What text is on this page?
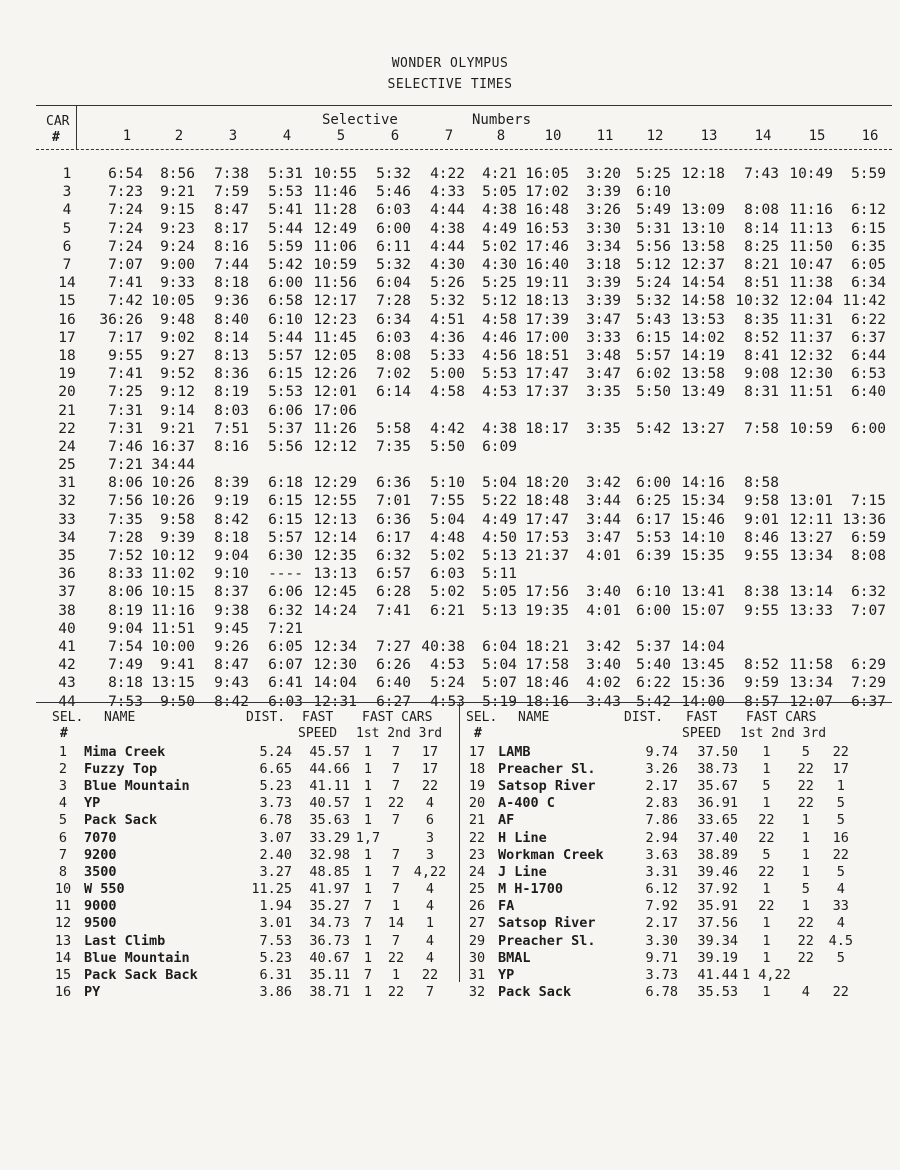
WONDER OLYMPUS
SELECTIVE TIMES
CAR
#
Selective	Numbers
1	2	3	4	5	6	7	8	10	11	12	13	14	15	16
1	6:54	8:56	7:38	5:31	10:55	5:32	4:22	4:21	16:05	3:20	5:25	12:18	7:43	10:49	5:59
3	7:23	9:21	7:59	5:53	11:46	5:46	4:33	5:05	17:02	3:39	6:10				
4	7:24	9:15	8:47	5:41	11:28	6:03	4:44	4:38	16:48	3:26	5:49	13:09	8:08	11:16	6:12
5	7:24	9:23	8:17	5:44	12:49	6:00	4:38	4:49	16:53	3:30	5:31	13:10	8:14	11:13	6:15
6	7:24	9:24	8:16	5:59	11:06	6:11	4:44	5:02	17:46	3:34	5:56	13:58	8:25	11:50	6:35
7	7:07	9:00	7:44	5:42	10:59	5:32	4:30	4:30	16:40	3:18	5:12	12:37	8:21	10:47	6:05
14	7:41	9:33	8:18	6:00	11:56	6:04	5:26	5:25	19:11	3:39	5:24	14:54	8:51	11:38	6:34
15	7:42	10:05	9:36	6:58	12:17	7:28	5:32	5:12	18:13	3:39	5:32	14:58	10:32	12:04	11:42
16	36:26	9:48	8:40	6:10	12:23	6:34	4:51	4:58	17:39	3:47	5:43	13:53	8:35	11:31	6:22
17	7:17	9:02	8:14	5:44	11:45	6:03	4:36	4:46	17:00	3:33	6:15	14:02	8:52	11:37	6:37
18	9:55	9:27	8:13	5:57	12:05	8:08	5:33	4:56	18:51	3:48	5:57	14:19	8:41	12:32	6:44
19	7:41	9:52	8:36	6:15	12:26	7:02	5:00	5:53	17:47	3:47	6:02	13:58	9:08	12:30	6:53
20	7:25	9:12	8:19	5:53	12:01	6:14	4:58	4:53	17:37	3:35	5:50	13:49	8:31	11:51	6:40
21	7:31	9:14	8:03	6:06	17:06										
22	7:31	9:21	7:51	5:37	11:26	5:58	4:42	4:38	18:17	3:35	5:42	13:27	7:58	10:59	6:00
24	7:46	16:37	8:16	5:56	12:12	7:35	5:50	6:09							
25	7:21	34:44													
31	8:06	10:26	8:39	6:18	12:29	6:36	5:10	5:04	18:20	3:42	6:00	14:16	8:58		
32	7:56	10:26	9:19	6:15	12:55	7:01	7:55	5:22	18:48	3:44	6:25	15:34	9:58	13:01	7:15
33	7:35	9:58	8:42	6:15	12:13	6:36	5:04	4:49	17:47	3:44	6:17	15:46	9:01	12:11	13:36
34	7:28	9:39	8:18	5:57	12:14	6:17	4:48	4:50	17:53	3:47	5:53	14:10	8:46	13:27	6:59
35	7:52	10:12	9:04	6:30	12:35	6:32	5:02	5:13	21:37	4:01	6:39	15:35	9:55	13:34	8:08
36	8:33	11:02	9:10	----	13:13	6:57	6:03	5:11							
37	8:06	10:15	8:37	6:06	12:45	6:28	5:02	5:05	17:56	3:40	6:10	13:41	8:38	13:14	6:32
38	8:19	11:16	9:38	6:32	14:24	7:41	6:21	5:13	19:35	4:01	6:00	15:07	9:55	13:33	7:07
40	9:04	11:51	9:45	7:21											
41	7:54	10:00	9:26	6:05	12:34	7:27	40:38	6:04	18:21	3:42	5:37	14:04			
42	7:49	9:41	8:47	6:07	12:30	6:26	4:53	5:04	17:58	3:40	5:40	13:45	8:52	11:58	6:29
43	8:18	13:15	9:43	6:41	14:04	6:40	5:24	5:07	18:46	4:02	6:22	15:36	9:59	13:34	7:29
44	7:53	9:50	8:42	6:03	12:31	6:27	4:53	5:19	18:16	3:43	5:42	14:00	8:57	12:07	6:37
SEL.
#
NAME	DIST. FAST
SPEED
FAST CARS
1st 2nd 3rd
SEL.
#
NAME	DIST. FAST
SPEED
FAST CARS
1st 2nd 3rd
1	Mima Creek	5.24	45.57	1	7	17
2	Fuzzy Top	6.65	44.66	1	7	17
3	Blue Mountain	5.23	41.11	1	7	22
4	YP	3.73	40.57	1	22	4
5	Pack Sack	6.78	35.63	1	7	6
6	7070	3.07	33.29	1,7		3
7	9200	2.40	32.98	1	7	3
8	3500	3.27	48.85	1	7	4,22
10	W 550	11.25	41.97	1	7	4
11	9000	1.94	35.27	7	1	4
12	9500	3.01	34.73	7	14	1
13	Last Climb	7.53	36.73	1	7	4
14	Blue Mountain	5.23	40.67	1	22	4
15	Pack Sack Back	6.31	35.11	7	1	22
16	PY	3.86	38.71	1	22	7
17	LAMB	9.74	37.50	1	5	22
18	Preacher Sl.	3.26	38.73	1	22	17
19	Satsop River	2.17	35.67	5	22	1
20	A-400 C	2.83	36.91	1	22	5
21	AF	7.86	33.65	22	1	5
22	H Line	2.94	37.40	22	1	16
23	Workman Creek	3.63	38.89	5	1	22
24	J Line	3.31	39.46	22	1	5
25	M H-1700	6.12	37.92	1	5	4
26	FA	7.92	35.91	22	1	33
27	Satsop River	2.17	37.56	1	22	4
29	Preacher Sl.	3.30	39.34	1	22	4.5
30	BMAL	9.71	39.19	1	22	5
31	YP	3.73	41.44	1 4,22		
32	Pack Sack	6.78	35.53	1	4	22
